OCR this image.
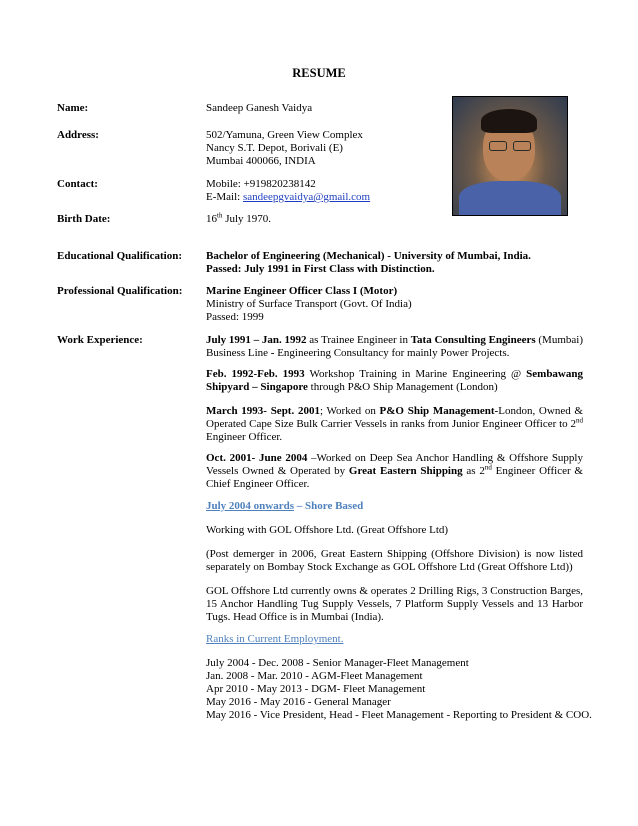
RESUME
Name:	Sandeep Ganesh Vaidya
Address:	502/Yamuna, Green View Complex
Nancy S.T. Depot, Borivali (E)
Mumbai 400066, INDIA
Contact:	Mobile: +919820238142
E-Mail: sandeepgvaidya@gmail.com
Birth Date:	16th July 1970.
Educational Qualification: Bachelor of Engineering (Mechanical) - University of Mumbai, India.
Passed: July 1991 in First Class with Distinction.
Professional Qualification: Marine Engineer Officer Class I (Motor)
Ministry of Surface Transport (Govt. Of India)
Passed: 1999
Work Experience:	July 1991 – Jan. 1992 as Trainee Engineer in Tata Consulting Engineers (Mumbai)
Business Line - Engineering Consultancy for mainly Power Projects.
Feb. 1992-Feb. 1993 Workshop Training in Marine Engineering @ Sembawang Shipyard – Singapore through P&O Ship Management (London)
March 1993- Sept. 2001; Worked on P&O Ship Management-London, Owned & Operated Cape Size Bulk Carrier Vessels in ranks from Junior Engineer Officer to 2nd Engineer Officer.
Oct. 2001- June 2004 –Worked on Deep Sea Anchor Handling & Offshore Supply Vessels Owned & Operated by Great Eastern Shipping as 2nd Engineer Officer & Chief Engineer Officer.
July 2004 onwards – Shore Based
Working with GOL Offshore Ltd. (Great Offshore Ltd)
(Post demerger in 2006, Great Eastern Shipping (Offshore Division) is now listed separately on Bombay Stock Exchange as GOL Offshore Ltd (Great Offshore Ltd))
GOL Offshore Ltd currently owns & operates 2 Drilling Rigs, 3 Construction Barges, 15 Anchor Handling Tug Supply Vessels, 7 Platform Supply Vessels and 13 Harbor Tugs. Head Office is in Mumbai (India).
Ranks in Current Employment.
July 2004 - Dec. 2008 - Senior Manager-Fleet Management
Jan. 2008 - Mar. 2010 - AGM-Fleet Management
Apr 2010 - May 2013 - DGM- Fleet Management
May 2016 - May 2016 - General Manager
May 2016 - Vice President, Head - Fleet Management - Reporting to President & COO.
